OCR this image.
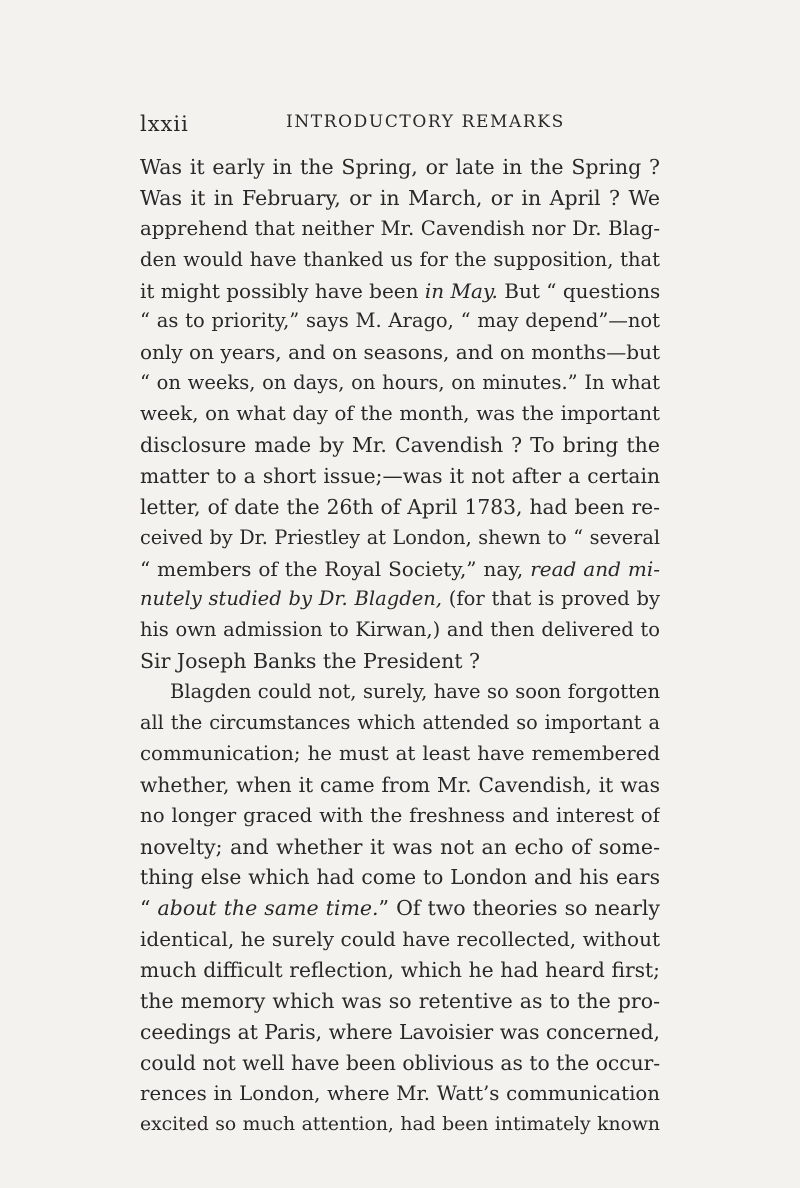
lxxii	INTRODUCTORY REMARKS
Was it early in the Spring, or late in the Spring ?
Was it in February, or in March, or in April ? We
apprehend that neither Mr. Cavendish nor Dr. Blag-
den would have thanked us for the supposition, that
it might possibly have been in May. But “ questions
“ as to priority,” says M. Arago, “ may depend”—not
only on years, and on seasons, and on months—but
“ on weeks, on days, on hours, on minutes.” In what
week, on what day of the month, was the important
disclosure made by Mr. Cavendish ? To bring the
matter to a short issue;—was it not after a certain
letter, of date the 26th of April 1783, had been re-
ceived by Dr. Priestley at London, shewn to “ several
“ members of the Royal Society,” nay, read and mi-
nutely studied by Dr. Blagden, (for that is proved by
his own admission to Kirwan,) and then delivered to
Sir Joseph Banks the President ?
Blagden could not, surely, have so soon forgotten
all the circumstances which attended so important a
communication; he must at least have remembered
whether, when it came from Mr. Cavendish, it was
no longer graced with the freshness and interest of
novelty; and whether it was not an echo of some-
thing else which had come to London and his ears
“ about the same time.” Of two theories so nearly
identical, he surely could have recollected, without
much difficult reflection, which he had heard first;
the memory which was so retentive as to the pro-
ceedings at Paris, where Lavoisier was concerned,
could not well have been oblivious as to the occur-
rences in London, where Mr. Watt’s communication
excited so much attention, had been intimately known
